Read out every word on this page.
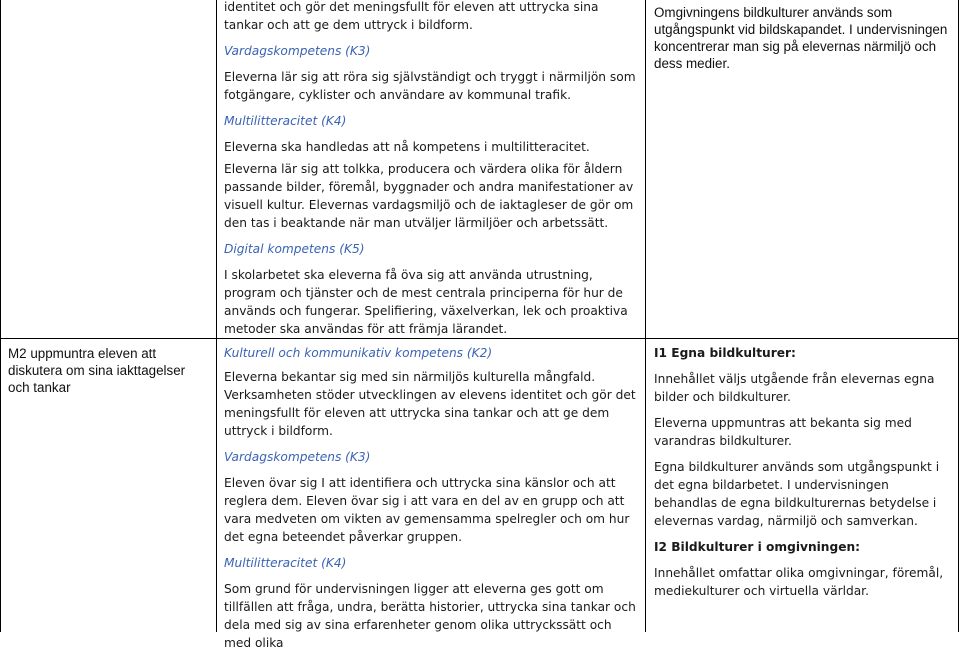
identitet och gör det meningsfullt för eleven att uttrycka sina tankar och att ge dem uttryck i bildform.

Vardagskompetens (K3)

Eleverna lär sig att röra sig självständigt och tryggt i närmiljön som fotgängare, cyklister och användare av kommunal trafik.

Multilitteracitet (K4)

Eleverna ska handledas att nå kompetens i multilitteracitet.

Eleverna lär sig att tolkka, producera och värdera olika för åldern passande bilder, föremål, byggnader och andra manifestationer av visuell kultur. Elevernas vardagsmiljö och de iaktagleser de gör om den tas i beaktande när man utväljer lärmiljöer och arbetssätt.

Digital kompetens (K5)

I skolarbetet ska eleverna få öva sig att använda utrustning, program och tjänster och de mest centrala principerna för hur de används och fungerar. Spelifiering, växelverkan, lek och proaktiva metoder ska användas för att främja lärandet.

Omgivningens bildkulturer används som utgångspunkt vid bildskapandet. I undervisningen koncentrerar man sig på elevernas närmiljö och dess medier.

M2 uppmuntra eleven att diskutera om sina iakttagelser och tankar

Kulturell och kommunikativ kompetens (K2)

Eleverna bekantar sig med sin närmiljös kulturella mångfald. Verksamheten stöder utvecklingen av elevens identitet och gör det meningsfullt för eleven att uttrycka sina tankar och att ge dem uttryck i bildform.

Vardagskompetens (K3)

Eleven övar sig I att identifiera och uttrycka sina känslor och att reglera dem. Eleven övar sig i att vara en del av en grupp och att vara medveten om vikten av gemensamma spelregler och om hur det egna beteendet påverkar gruppen.

Multilitteracitet (K4)

Som grund för undervisningen ligger att eleverna ges gott om tillfällen att fråga, undra, berätta historier, uttrycka sina tankar och dela med sig av sina erfarenheter genom olika uttryckssätt och med olika

I1 Egna bildkulturer:

Innehållet väljs utgående från elevernas egna bilder och bildkulturer.

Eleverna uppmuntras att bekanta sig med varandras bildkulturer.

Egna bildkulturer används som utgångspunkt i det egna bildarbetet. I undervisningen behandlas de egna bildkulturernas betydelse i elevernas vardag, närmiljö och samverkan.

I2 Bildkulturer i omgivningen:

Innehållet omfattar olika omgivningar, föremål, mediekulturer och virtuella världar.
